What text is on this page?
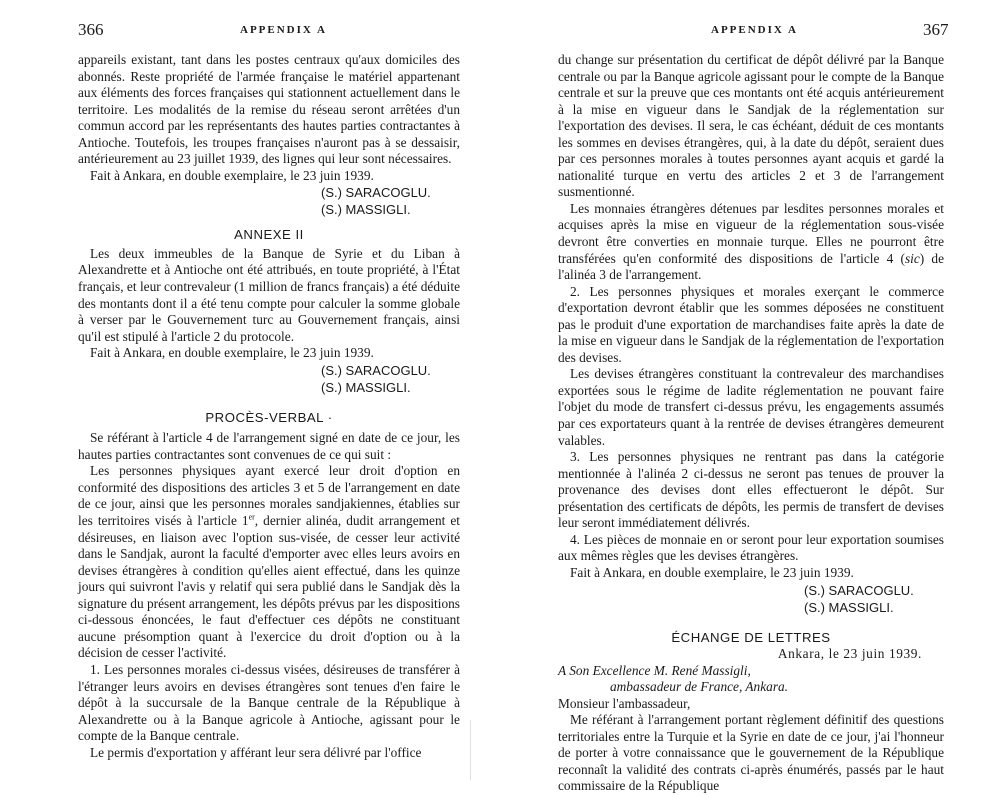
366	APPENDIX A

appareils existant, tant dans les postes centraux qu'aux domiciles des abonnés. Reste propriété de l'armée française le matériel appartenant aux éléments des forces françaises qui stationnent actuellement dans le territoire. Les modalités de la remise du réseau seront arrêtées d'un commun accord par les représentants des hautes parties contractantes à Antioche. Toutefois, les troupes françaises n'auront pas à se dessaisir, antérieurement au 23 juillet 1939, des lignes qui leur sont nécessaires.

Fait à Ankara, en double exemplaire, le 23 juin 1939.

(S.) SARACOGLU.

(S.) MASSIGLI.

ANNEXE II

Les deux immeubles de la Banque de Syrie et du Liban à Alexandrette et à Antioche ont été attribués, en toute propriété, à l'État français, et leur contrevaleur (1 million de francs français) a été déduite des montants dont il a été tenu compte pour calculer la somme globale à verser par le Gouvernement turc au Gouvernement français, ainsi qu'il est stipulé à l'article 2 du protocole.

Fait à Ankara, en double exemplaire, le 23 juin 1939.

(S.) SARACOGLU.

(S.) MASSIGLI.

PROCÈS-VERBAL ·

Se référant à l'article 4 de l'arrangement signé en date de ce jour, les hautes parties contractantes sont convenues de ce qui suit :

Les personnes physiques ayant exercé leur droit d'option en conformité des dispositions des articles 3 et 5 de l'arrangement en date de ce jour, ainsi que les personnes morales sandjakiennes, établies sur les territoires visés à l'article 1er, dernier alinéa, dudit arrangement et désireuses, en liaison avec l'option sus-visée, de cesser leur activité dans le Sandjak, auront la faculté d'emporter avec elles leurs avoirs en devises étrangères à condition qu'elles aient effectué, dans les quinze jours qui suivront l'avis y relatif qui sera publié dans le Sandjak dès la signature du présent arrangement, les dépôts prévus par les dispositions ci-dessous énoncées, le faut d'effectuer ces dépôts ne constituant aucune présomption quant à l'exercice du droit d'option ou à la décision de cesser l'activité.

1. Les personnes morales ci-dessus visées, désireuses de transférer à l'étranger leurs avoirs en devises étrangères sont tenues d'en faire le dépôt à la succursale de la Banque centrale de la République à Alexandrette ou à la Banque agricole à Antioche, agissant pour le compte de la Banque centrale.

Le permis d'exportation y afférant leur sera délivré par l'office

APPENDIX A	367

du change sur présentation du certificat de dépôt délivré par la Banque centrale ou par la Banque agricole agissant pour le compte de la Banque centrale et sur la preuve que ces montants ont été acquis antérieurement à la mise en vigueur dans le Sandjak de la réglementation sur l'exportation des devises. Il sera, le cas échéant, déduit de ces montants les sommes en devises étrangères, qui, à la date du dépôt, seraient dues par ces personnes morales à toutes personnes ayant acquis et gardé la nationalité turque en vertu des articles 2 et 3 de l'arrangement susmentionné.

Les monnaies étrangères détenues par lesdites personnes morales et acquises après la mise en vigueur de la réglementation sous-visée devront être converties en monnaie turque. Elles ne pourront être transférées qu'en conformité des dispositions de l'article 4 (sic) de l'alinéa 3 de l'arrangement.

2. Les personnes physiques et morales exerçant le commerce d'exportation devront établir que les sommes déposées ne constituent pas le produit d'une exportation de marchandises faite après la date de la mise en vigueur dans le Sandjak de la réglementation de l'exportation des devises.

Les devises étrangères constituant la contrevaleur des marchandises exportées sous le régime de ladite réglementation ne pouvant faire l'objet du mode de transfert ci-dessus prévu, les engagements assumés par ces exportateurs quant à la rentrée de devises étrangères demeurent valables.

3. Les personnes physiques ne rentrant pas dans la catégorie mentionnée à l'alinéa 2 ci-dessus ne seront pas tenues de prouver la provenance des devises dont elles effectueront le dépôt. Sur présentation des certificats de dépôts, les permis de transfert de devises leur seront immédiatement délivrés.

4. Les pièces de monnaie en or seront pour leur exportation soumises aux mêmes règles que les devises étrangères.

Fait à Ankara, en double exemplaire, le 23 juin 1939.

(S.) SARACOGLU.

(S.) MASSIGLI.

ÉCHANGE DE LETTRES

Ankara, le 23 juin 1939.

A Son Excellence M. René Massigli,

ambassadeur de France, Ankara.

Monsieur l'ambassadeur,

Me référant à l'arrangement portant règlement définitif des questions territoriales entre la Turquie et la Syrie en date de ce jour, j'ai l'honneur de porter à votre connaissance que le gouvernement de la République reconnaît la validité des contrats ci-après énumérés, passés par le haut commissaire de la République
